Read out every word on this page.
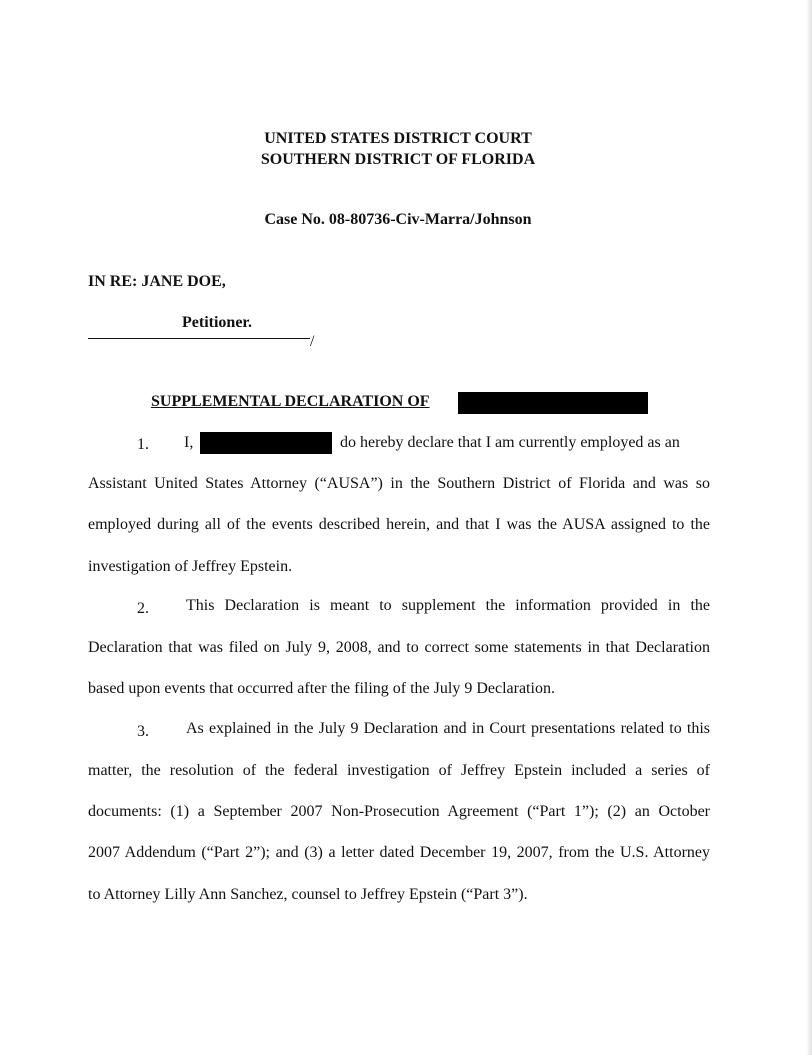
UNITED STATES DISTRICT COURT
SOUTHERN DISTRICT OF FLORIDA
Case No. 08-80736-Civ-Marra/Johnson
IN RE: JANE DOE,
Petitioner.
/
SUPPLEMENTAL DECLARATION OF
1. I,	do hereby declare that I am currently employed as an
Assistant United States Attorney (“AUSA”) in the Southern District of Florida and was so
employed during all of the events described herein, and that I was the AUSA assigned to the
investigation of Jeffrey Epstein.
2. This Declaration is meant to supplement the information provided in the
Declaration that was filed on July 9, 2008, and to correct some statements in that Declaration
based upon events that occurred after the filing of the July 9 Declaration.
3. As explained in the July 9 Declaration and in Court presentations related to this
matter, the resolution of the federal investigation of Jeffrey Epstein included a series of
documents: (1) a September 2007 Non-Prosecution Agreement (“Part 1”); (2) an October
2007 Addendum (“Part 2”); and (3) a letter dated December 19, 2007, from the U.S. Attorney
to Attorney Lilly Ann Sanchez, counsel to Jeffrey Epstein (“Part 3”).
